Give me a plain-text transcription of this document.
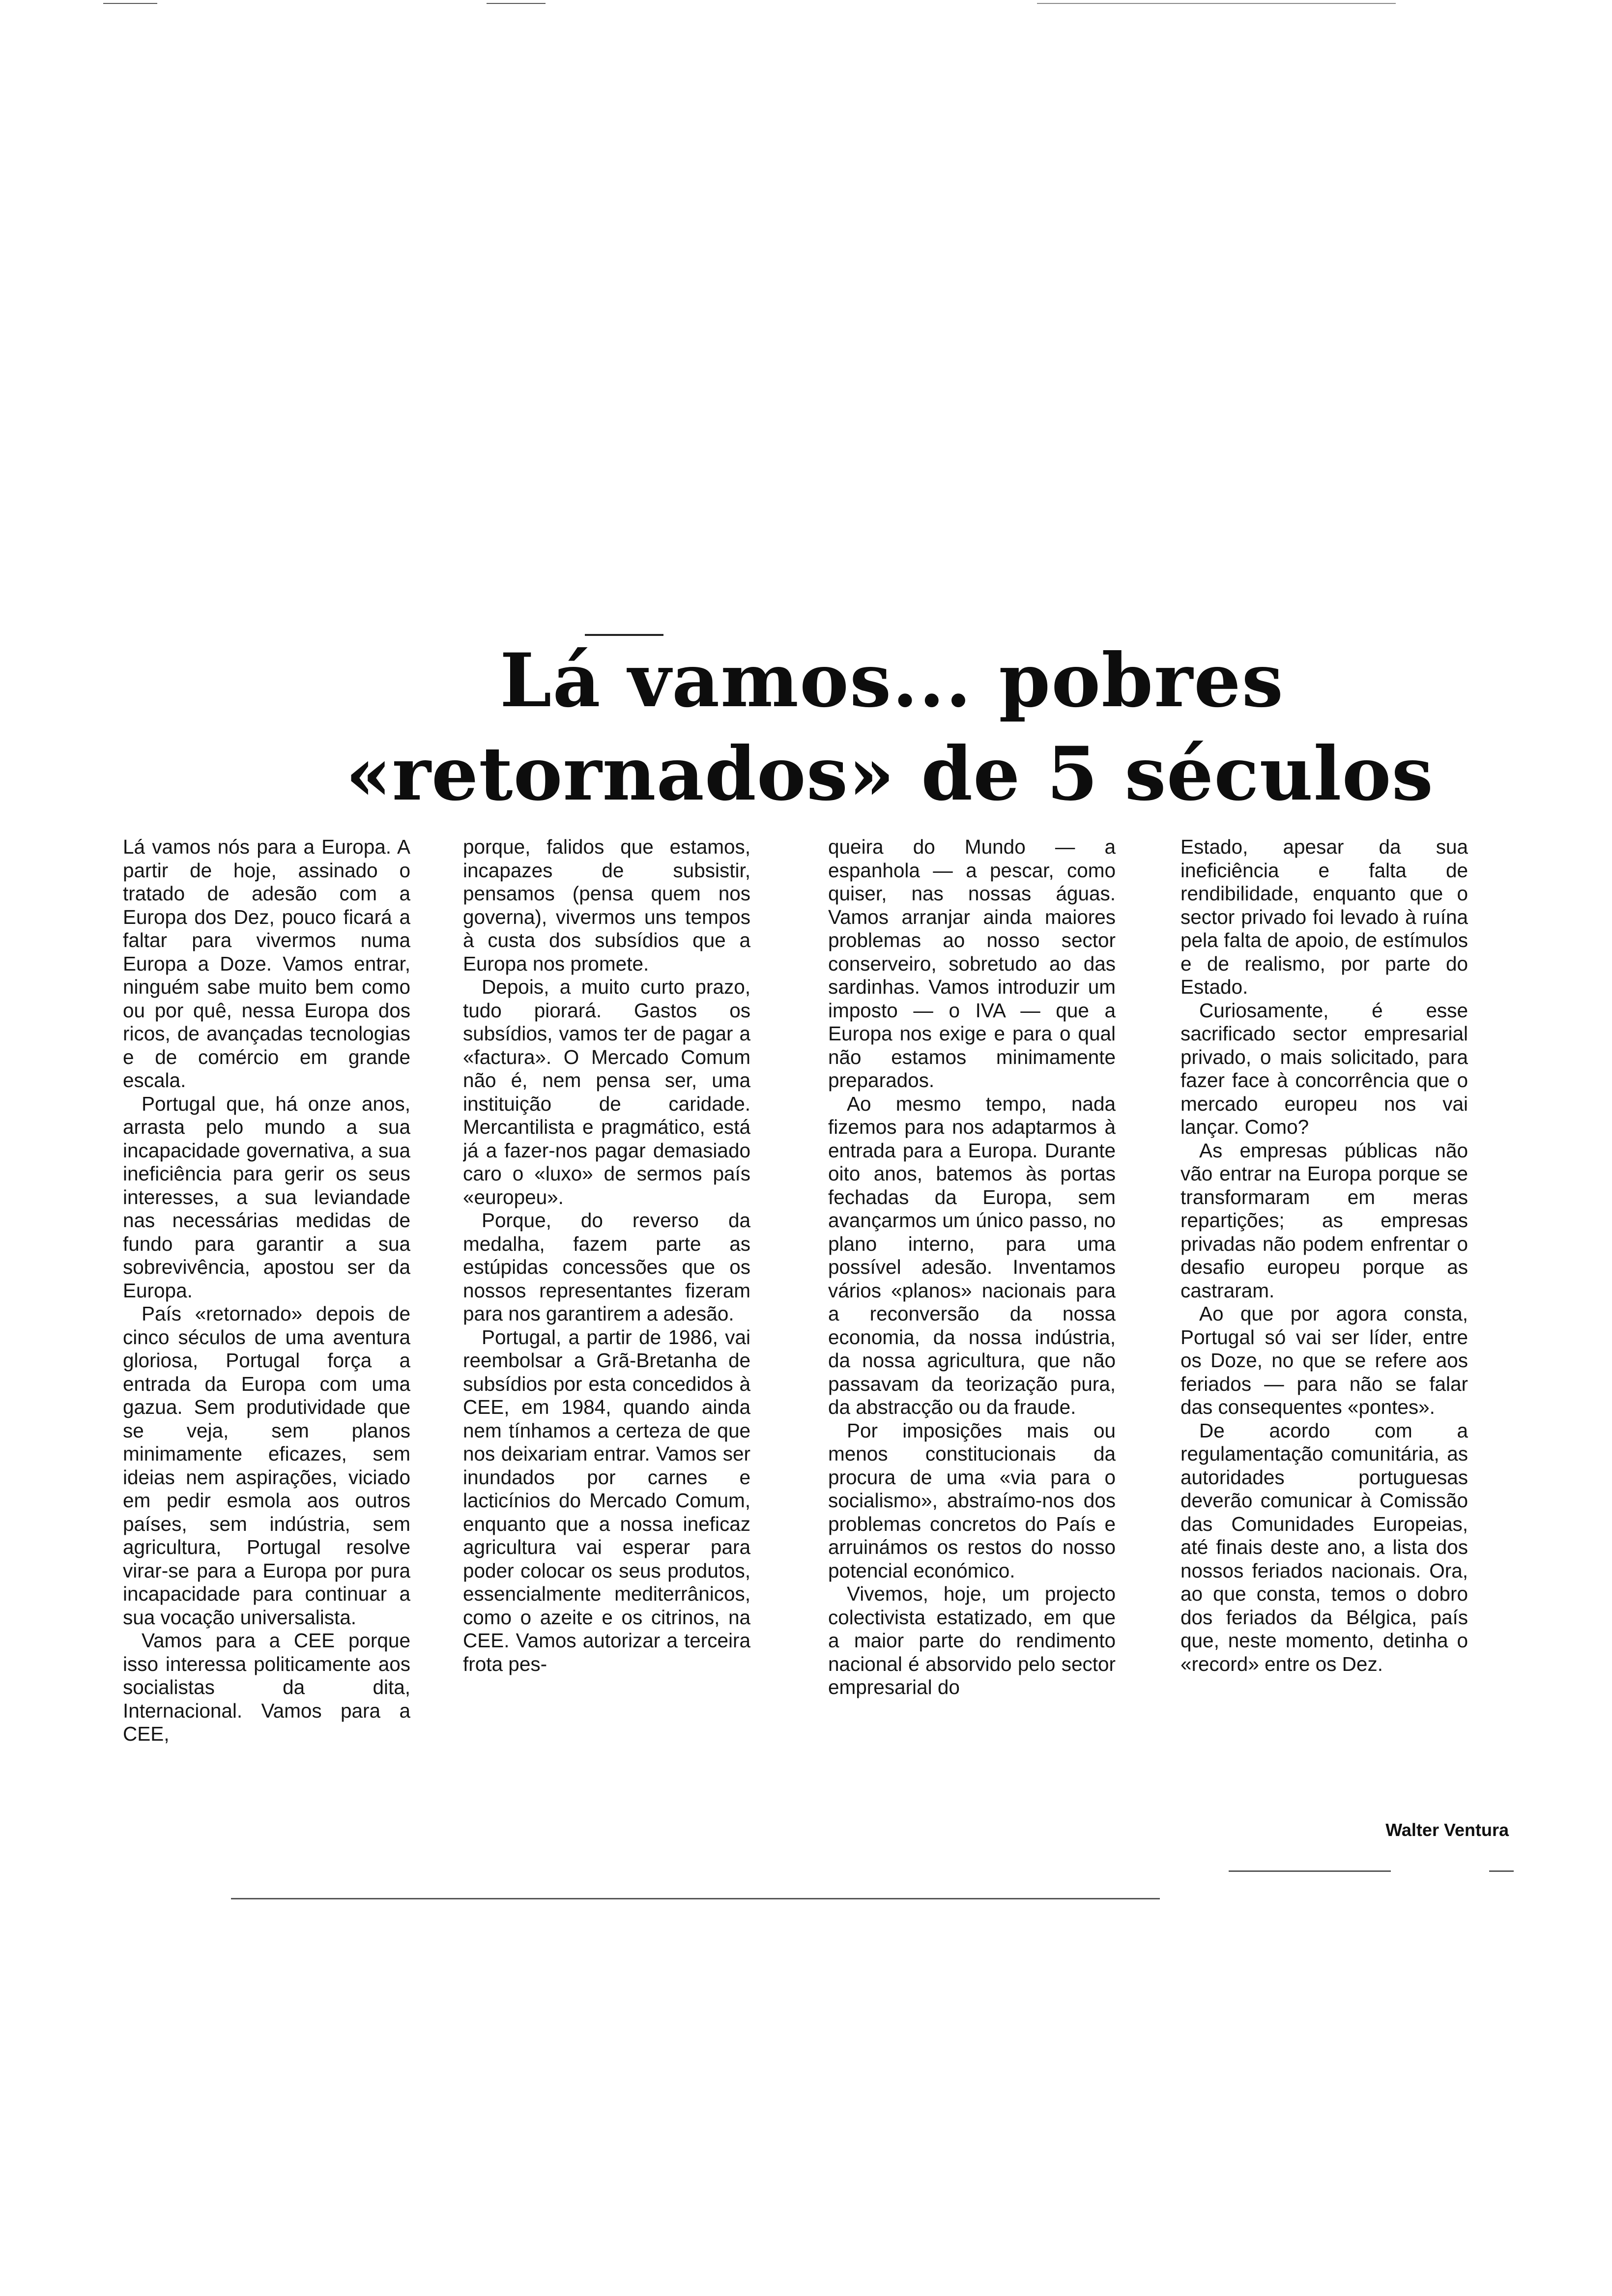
Lá vamos... pobres
«retornados» de 5 séculos

Lá vamos nós para a Europa. A partir de hoje, assinado o tratado de adesão com a Europa dos Dez, pouco ficará a faltar para vivermos numa Europa a Doze. Vamos entrar, ninguém sabe muito bem como ou por quê, nessa Europa dos ricos, de avançadas tecnologias e de comércio em grande escala.

Portugal que, há onze anos, arrasta pelo mundo a sua incapacidade governativa, a sua ineficiência para gerir os seus interesses, a sua leviandade nas necessárias medidas de fundo para garantir a sua sobrevivência, apostou ser da Europa.

País «retornado» depois de cinco séculos de uma aventura gloriosa, Portugal força a entrada da Europa com uma gazua. Sem produtividade que se veja, sem planos minimamente eficazes, sem ideias nem aspirações, viciado em pedir esmola aos outros países, sem indústria, sem agricultura, Portugal resolve virar-se para a Europa por pura incapacidade para continuar a sua vocação universalista.

Vamos para a CEE porque isso interessa politicamente aos socialistas da dita, Internacional. Vamos para a CEE,

porque, falidos que estamos, incapazes de subsistir, pensamos (pensa quem nos governa), vivermos uns tempos à custa dos subsídios que a Europa nos promete.

Depois, a muito curto prazo, tudo piorará. Gastos os subsídios, vamos ter de pagar a «factura». O Mercado Comum não é, nem pensa ser, uma instituição de caridade. Mercantilista e pragmático, está já a fazer-nos pagar demasiado caro o «luxo» de sermos país «europeu».

Porque, do reverso da medalha, fazem parte as estúpidas concessões que os nossos representantes fizeram para nos garantirem a adesão.

Portugal, a partir de 1986, vai reembolsar a Grã-Bretanha de subsídios por esta concedidos à CEE, em 1984, quando ainda nem tínhamos a certeza de que nos deixariam entrar. Vamos ser inundados por carnes e lacticínios do Mercado Comum, enquanto que a nossa ineficaz agricultura vai esperar para poder colocar os seus produtos, essencialmente mediterrânicos, como o azeite e os citrinos, na CEE. Vamos autorizar a terceira frota pes-

queira do Mundo — a espanhola — a pescar, como quiser, nas nossas águas. Vamos arranjar ainda maiores problemas ao nosso sector conserveiro, sobretudo ao das sardinhas. Vamos introduzir um imposto — o IVA — que a Europa nos exige e para o qual não estamos minimamente preparados.

Ao mesmo tempo, nada fizemos para nos adaptarmos à entrada para a Europa. Durante oito anos, batemos às portas fechadas da Europa, sem avançarmos um único passo, no plano interno, para uma possível adesão. Inventamos vários «planos» nacionais para a reconversão da nossa economia, da nossa indústria, da nossa agricultura, que não passavam da teorização pura, da abstracção ou da fraude.

Por imposições mais ou menos constitucionais da procura de uma «via para o socialismo», abstraímo-nos dos problemas concretos do País e arruinámos os restos do nosso potencial económico.

Vivemos, hoje, um projecto colectivista estatizado, em que a maior parte do rendimento nacional é absorvido pelo sector empresarial do

Estado, apesar da sua ineficiência e falta de rendibilidade, enquanto que o sector privado foi levado à ruína pela falta de apoio, de estímulos e de realismo, por parte do Estado.

Curiosamente, é esse sacrificado sector empresarial privado, o mais solicitado, para fazer face à concorrência que o mercado europeu nos vai lançar. Como?

As empresas públicas não vão entrar na Europa porque se transformaram em meras repartições; as empresas privadas não podem enfrentar o desafio europeu porque as castraram.

Ao que por agora consta, Portugal só vai ser líder, entre os Doze, no que se refere aos feriados — para não se falar das consequentes «pontes».

De acordo com a regulamentação comunitária, as autoridades portuguesas deverão comunicar à Comissão das Comunidades Europeias, até finais deste ano, a lista dos nossos feriados nacionais. Ora, ao que consta, temos o dobro dos feriados da Bélgica, país que, neste momento, detinha o «record» entre os Dez.

Walter Ventura
